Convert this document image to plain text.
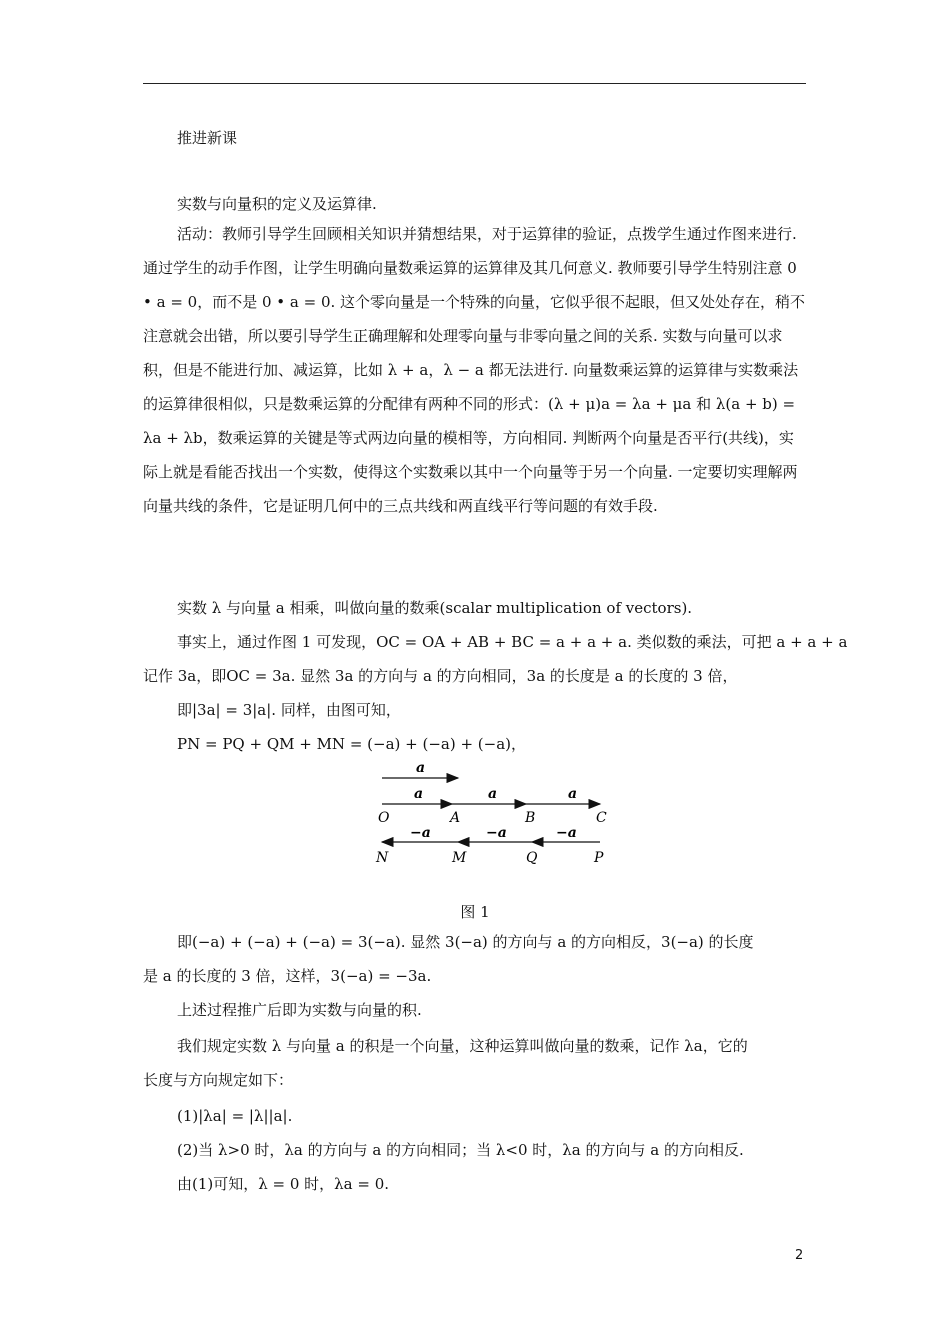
推进新课
实数与向量积的定义及运算律.

活动：教师引导学生回顾相关知识并猜想结果，对于运算律的验证，点拨学生通过作图来进行. 通过学生的动手作图，让学生明确向量数乘运算的运算律及其几何意义. 教师要引导学生特别注意 0 • a = 0，而不是 0 • a = 0. 这个零向量是一个特殊的向量，它似乎很不起眼，但又处处存在，稍不注意就会出错，所以要引导学生正确理解和处理零向量与非零向量之间的关系. 实数与向量可以求积，但是不能进行加、减运算，比如 λ + a，λ − a 都无法进行. 向量数乘运算的运算律与实数乘法的运算律很相似，只是数乘运算的分配律有两种不同的形式：(λ + μ)a = λa + μa 和 λ(a + b) = λa + λb，数乘运算的关键是等式两边向量的模相等，方向相同. 判断两个向量是否平行(共线)，实际上就是看能否找出一个实数，使得这个实数乘以其中一个向量等于另一个向量. 一定要切实理解两向量共线的条件，它是证明几何中的三点共线和两直线平行等问题的有效手段.

实数 λ 与向量 a 相乘，叫做向量的数乘(scalar multiplication of vectors).
事实上，通过作图 1 可发现，OC = OA + AB + BC = a + a + a. 类似数的乘法，可把 a + a + a
记作 3a，即OC = 3a. 显然 3a 的方向与 a 的方向相同，3a 的长度是 a 的长度的 3 倍，
即|3a| = 3|a|. 同样，由图可知，
PN = PQ + QM + MN = (−a) + (−a) + (−a)，
a
a	a	a
O	A	B	C
−a	−a	−a
N	M	Q	P
图 1
即(−a) + (−a) + (−a) = 3(−a). 显然 3(−a) 的方向与 a 的方向相反，3(−a) 的长度
是 a 的长度的 3 倍，这样，3(−a) = −3a.
上述过程推广后即为实数与向量的积.
我们规定实数 λ 与向量 a 的积是一个向量，这种运算叫做向量的数乘，记作 λa，它的
长度与方向规定如下：
(1)|λa| = |λ||a|.
(2)当 λ>0 时，λa 的方向与 a 的方向相同；当 λ<0 时，λa 的方向与 a 的方向相反.
由(1)可知，λ = 0 时，λa = 0.
2
